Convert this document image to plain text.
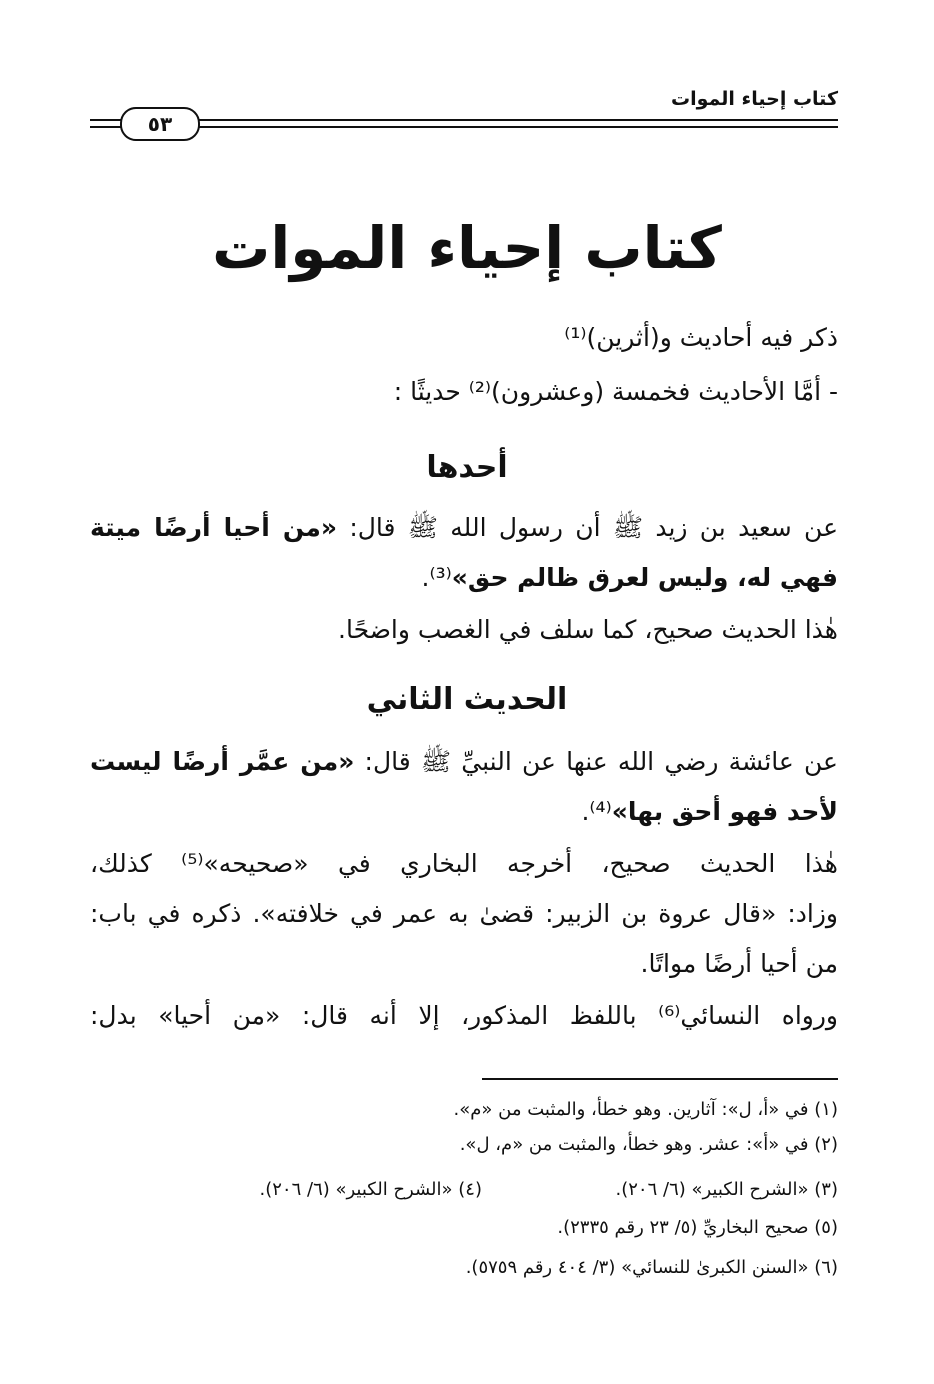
كتاب إحياء الموات
٥٣
كتاب إحياء الموات
ذكر فيه أحاديث و(أثرين)⁽¹⁾
- أمَّا الأحاديث فخمسة (وعشرون)⁽²⁾ حديثًا :
أحدها
عن سعيد بن زيد ﷺ أن رسول الله ﷺ قال: «من أحيا أرضًا ميتة
فهي له، وليس لعرق ظالم حق»⁽³⁾.
هٰذا الحديث صحيح، كما سلف في الغصب واضحًا.
الحديث الثاني
عن عائشة رضي الله عنها عن النبيِّ ﷺ قال: «من عمَّر أرضًا ليست
لأحد فهو أحق بها»⁽⁴⁾.
هٰذا الحديث صحيح، أخرجه البخاري في «صحيحه»⁽⁵⁾ كذلك،
وزاد: «قال عروة بن الزبير: قضىٰ به عمر في خلافته». ذكره في باب:
من أحيا أرضًا مواتًا.
ورواه النسائي⁽⁶⁾ باللفظ المذكور، إلا أنه قال: «من أحيا» بدل:
(١) في «أ، ل»: آثارين. وهو خطأ، والمثبت من «م».
(٢) في «أ»: عشر. وهو خطأ، والمثبت من «م، ل».
(٣) «الشرح الكبير» (٦/ ٢٠٦).(٤) «الشرح الكبير» (٦/ ٢٠٦).
(٥) صحيح البخاريِّ (٥/ ٢٣ رقم ٢٣٣٥).
(٦) «السنن الكبرىٰ للنسائي» (٣/ ٤٠٤ رقم ٥٧٥٩).
